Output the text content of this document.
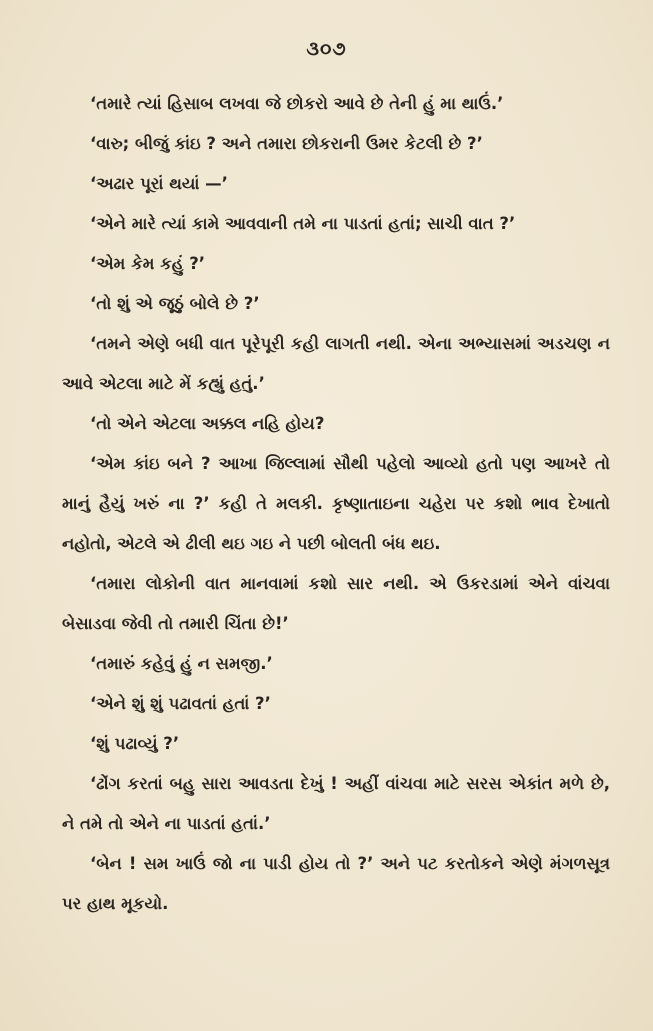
૩૦૭

‘તમારે ત્યાં હિસાબ લખવા જે છોકરો આવે છે તેની હું મા થાઉં.’

‘વારુ; બીજું કાંઇ ? અને તમારા છોકરાની ઉમર કેટલી છે ?’

‘અઢાર પૂરાં થયાં —’

‘એને મારે ત્યાં કામે આવવાની તમે ના પાડતાં હતાં; સાચી વાત ?’

‘એમ કેમ કહું ?’

‘તો શું એ જૂઠું બોલે છે ?’

‘તમને એણે બધી વાત પૂરેપૂરી કહી લાગતી નથી. એના અભ્યાસમાં અડચણ ન આવે એટલા માટે મેં કહ્યું હતું.’

‘તો એને એટલા અક્કલ નહિ હોય?

‘એમ કાંઇ બને ? આખા જિલ્લામાં સૌથી પહેલો આવ્યો હતો પણ આખરે તો માનું હૈયું ખરું ના ?’ કહી તે મલકી. કૃષ્ણાતાઇના ચહેરા પર કશો ભાવ દેખાતો નહોતો, એટલે એ ઢીલી થઇ ગઇ ને પછી બોલતી બંધ થઇ.

‘તમારા લોકોની વાત માનવામાં કશો સાર નથી. એ ઉકરડામાં એને વાંચવા બેસાડવા જેવી તો તમારી ચિંતા છે!’

‘તમારું કહેવું હું ન સમજી.’

‘એને શું શું પઢાવતાં હતાં ?’

‘શું પઢાવ્યું ?’

‘ઢોંગ કરતાં બહુ સારા આવડતા દેખું ! અહીં વાંચવા માટે સરસ એકાંત મળે છે, ને તમે તો એને ના પાડતાં હતાં.’

‘બેન ! સમ ખાઉં જો ના પાડી હોય તો ?’ અને પટ કરતોકને એણે મંગળસૂત્ર પર હાથ મૂકયો.
